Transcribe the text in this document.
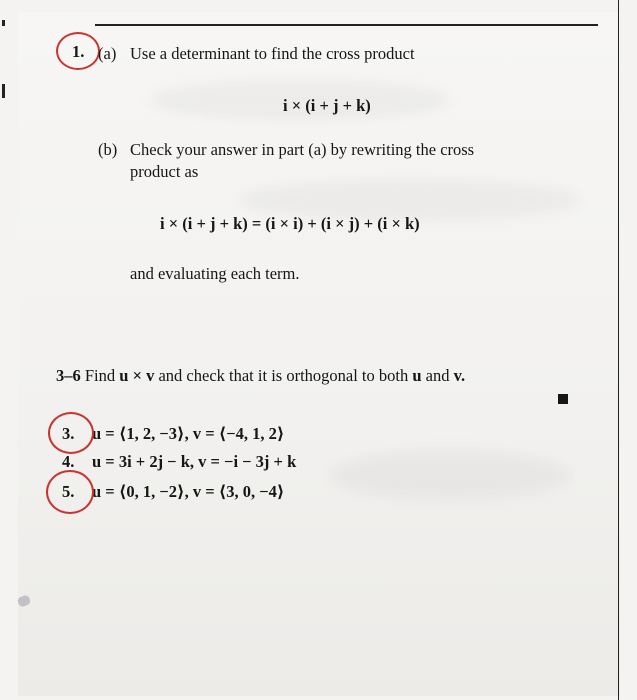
1. (a) Use a determinant to find the cross product
i × (i + j + k)
(b) Check your answer in part (a) by rewriting the cross
product as
i × (i + j + k) = (i × i) + (i × j) + (i × k)
and evaluating each term.
3–6 Find u × v and check that it is orthogonal to both u and v.
3. u = ⟨1, 2, −3⟩, v = ⟨−4, 1, 2⟩
4. u = 3i + 2j − k, v = −i − 3j + k
5. u = ⟨0, 1, −2⟩, v = ⟨3, 0, −4⟩
